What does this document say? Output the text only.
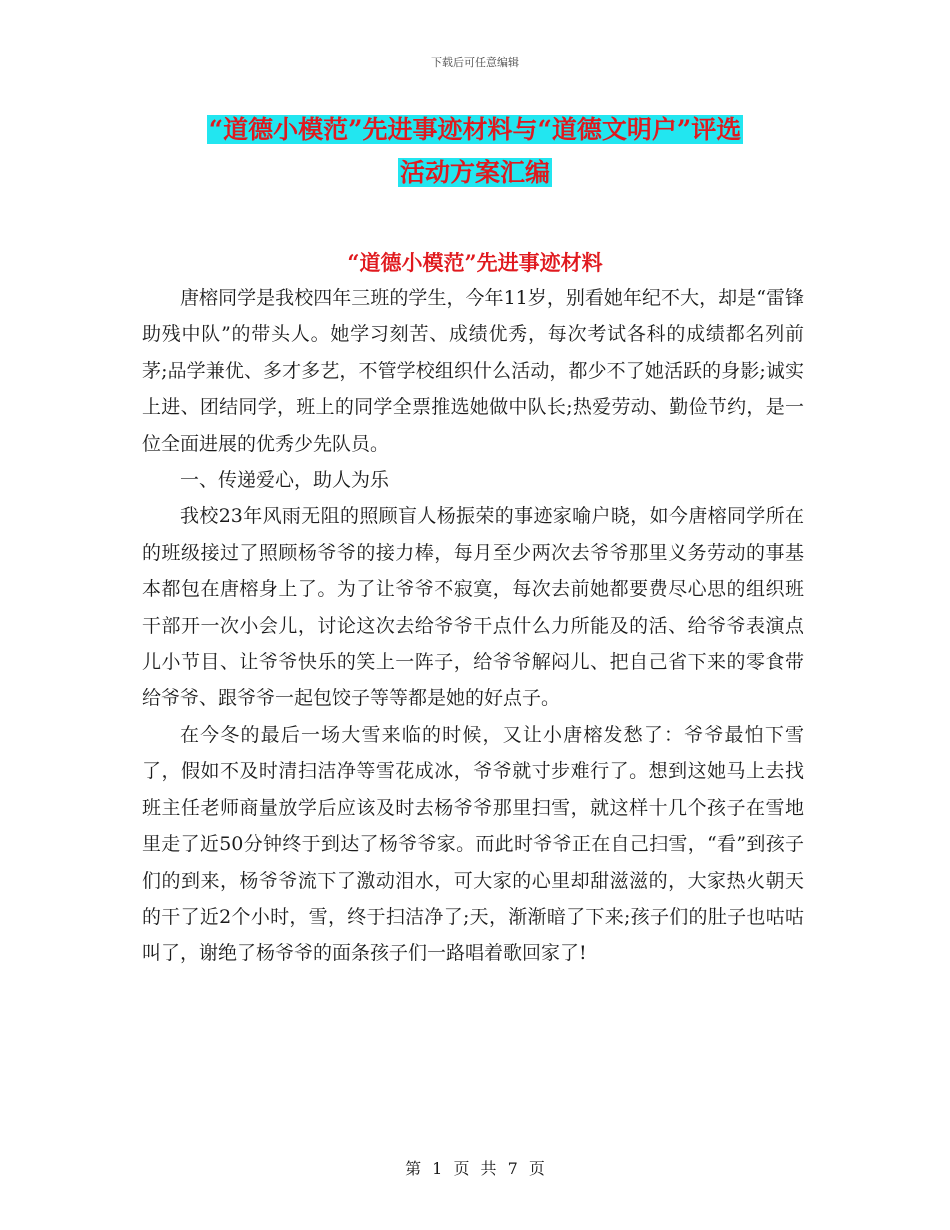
下载后可任意编辑
“道德小模范”先进事迹材料与“道德文明户”评选
活动方案汇编
“道德小模范”先进事迹材料

唐榕同学是我校四年三班的学生，今年11岁，别看她年纪不大，却是“雷锋助残中队”的带头人。她学习刻苦、成绩优秀，每次考试各科的成绩都名列前茅;品学兼优、多才多艺，不管学校组织什么活动，都少不了她活跃的身影;诚实上进、团结同学，班上的同学全票推选她做中队长;热爱劳动、勤俭节约，是一位全面进展的优秀少先队员。

一、传递爱心，助人为乐

我校23年风雨无阻的照顾盲人杨振荣的事迹家喻户晓，如今唐榕同学所在的班级接过了照顾杨爷爷的接力棒，每月至少两次去爷爷那里义务劳动的事基本都包在唐榕身上了。为了让爷爷不寂寞，每次去前她都要费尽心思的组织班干部开一次小会儿，讨论这次去给爷爷干点什么力所能及的活、给爷爷表演点儿小节目、让爷爷快乐的笑上一阵子，给爷爷解闷儿、把自己省下来的零食带给爷爷、跟爷爷一起包饺子等等都是她的好点子。

在今冬的最后一场大雪来临的时候，又让小唐榕发愁了：爷爷最怕下雪了，假如不及时清扫洁净等雪花成冰，爷爷就寸步难行了。想到这她马上去找班主任老师商量放学后应该及时去杨爷爷那里扫雪，就这样十几个孩子在雪地里走了近50分钟终于到达了杨爷爷家。而此时爷爷正在自己扫雪，“看”到孩子们的到来，杨爷爷流下了激动泪水，可大家的心里却甜滋滋的，大家热火朝天的干了近2个小时，雪，终于扫洁净了;天，渐渐暗了下来;孩子们的肚子也咕咕叫了，谢绝了杨爷爷的面条孩子们一路唱着歌回家了!

第 1 页 共 7 页
